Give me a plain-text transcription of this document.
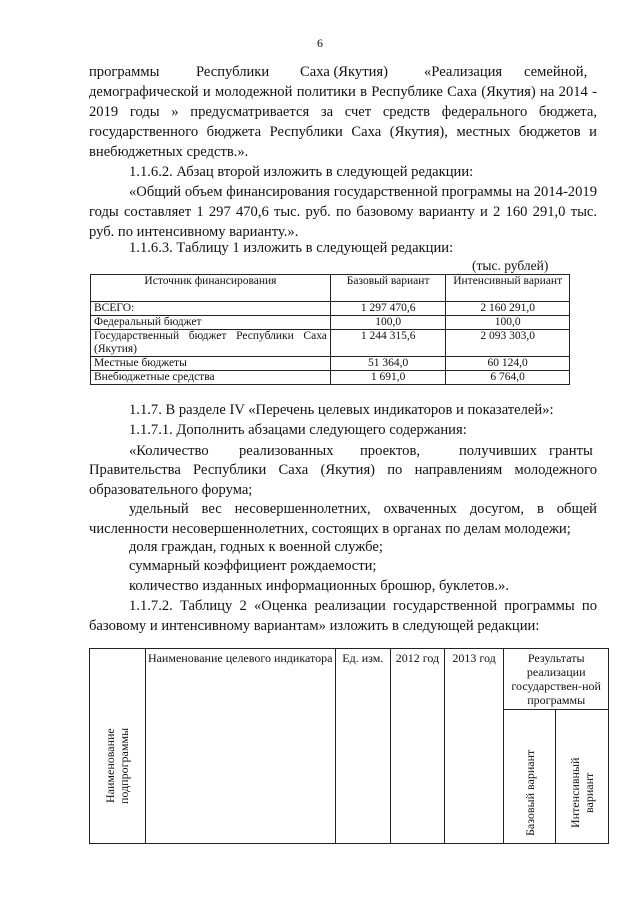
6
программы	Республики Саха (Якутия) «Реализация семейной,

демографической и молодежной политики в Республике Саха (Якутия) на 2014 - 2019 годы » предусматривается за счет средств федерального бюджета, государственного бюджета Республики Саха (Якутия), местных бюджетов и внебюджетных средств.».

1.1.6.2. Абзац второй изложить в следующей редакции:

«Общий объем финансирования государственной программы на 2014-2019 годы составляет 1 297 470,6 тыс. руб. по базовому варианту и 2 160 291,0 тыс. руб. по интенсивному варианту.».

1.1.6.3. Таблицу 1 изложить в следующей редакции:

(тыс. рублей)
Источник финансирования	Базовый вариант	Интенсивный вариант
ВСЕГО:	1 297 470,6	2 160 291,0
Федеральный бюджет	100,0	100,0
Государственный бюджет Республики Саха (Якутия)	1 244 315,6	2 093 303,0
Местные бюджеты	51 364,0	60 124,0
Внебюджетные средства	1 691,0	6 764,0

1.1.7. В разделе IV «Перечень целевых индикаторов и показателей»:

1.1.7.1. Дополнить абзацами следующего содержания:

«Количество реализованных проектов,	получивших гранты

Правительства Республики Саха (Якутия) по направлениям молодежного образовательного форума;

удельный вес несовершеннолетних, охваченных досугом, в общей численности несовершеннолетних, состоящих в органах по делам молодежи;

доля граждан, годных к военной службе;

суммарный коэффициент рождаемости;

количество изданных информационных брошюр, буклетов.».

1.1.7.2. Таблицу 2 «Оценка реализации государственной программы по базовому и интенсивному вариантам» изложить в следующей редакции:

Наименование подпрограммы	Наименование целевого индикатора	Ед. изм.	2012 год	2013 год	Результаты реализации государствен-ной программы	

					Базовый вариант	Интенсивный вариант
